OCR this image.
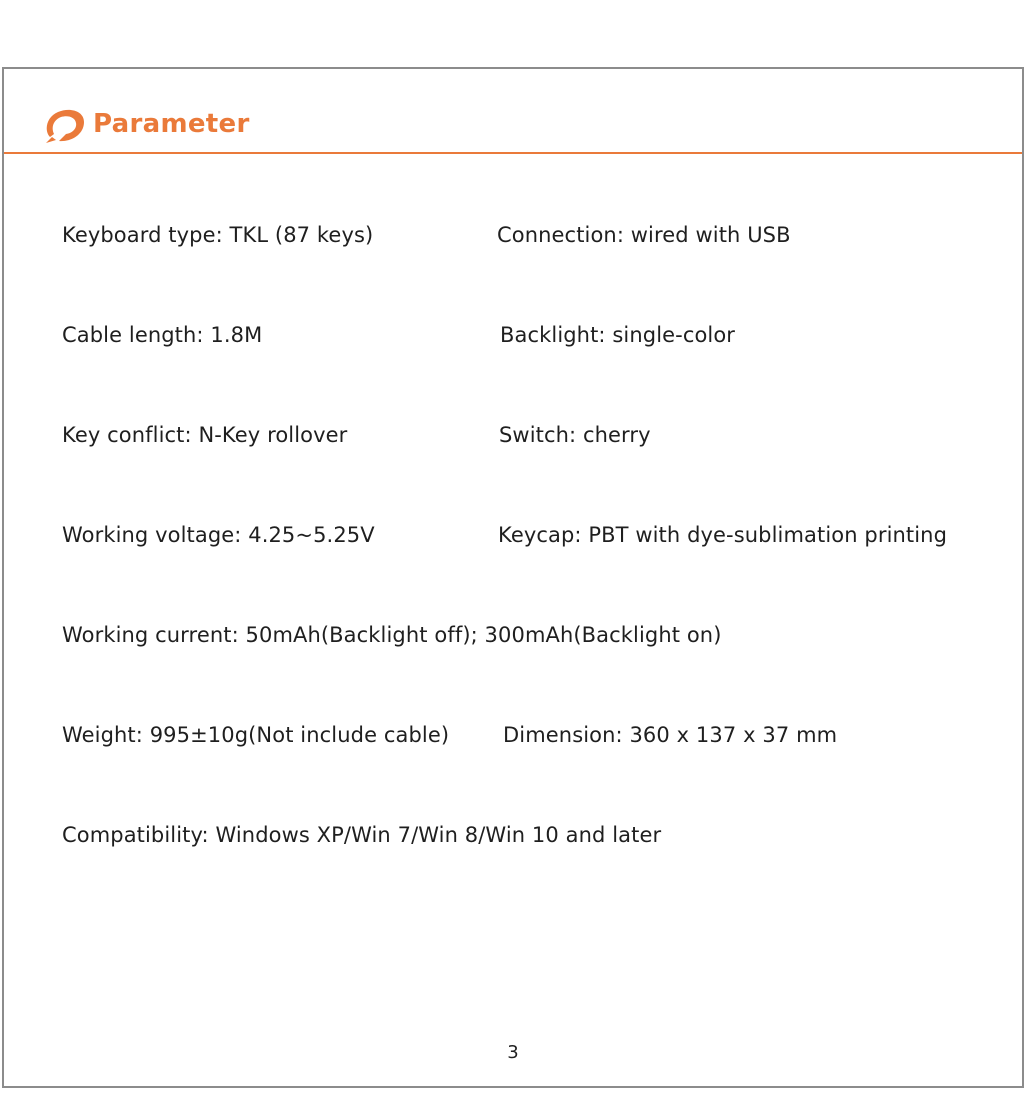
Parameter
Keyboard type: TKL (87 keys)	Connection: wired with USB
Cable length: 1.8M	Backlight: single-color
Key conflict: N-Key rollover	Switch: cherry
Working voltage: 4.25~5.25V	Keycap: PBT with dye-sublimation printing
Working current: 50mAh(Backlight off); 300mAh(Backlight on)
Weight: 995±10g(Not include cable)	Dimension: 360 x 137 x 37 mm
Compatibility: Windows XP/Win 7/Win 8/Win 10 and later
3
